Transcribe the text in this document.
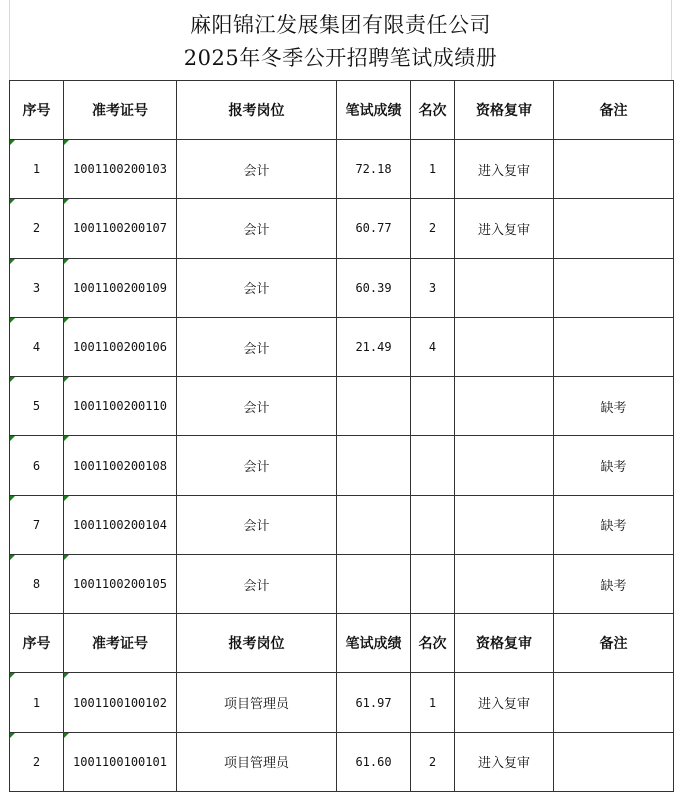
麻阳锦江发展集团有限责任公司
2025年冬季公开招聘笔试成绩册
序号	准考证号	报考岗位	笔试成绩	名次	资格复审	备注
1	1001100200103	会计	72.18	1	进入复审	
2	1001100200107	会计	60.77	2	进入复审	
3	1001100200109	会计	60.39	3		
4	1001100200106	会计	21.49	4		
5	1001100200110	会计				缺考
6	1001100200108	会计				缺考
7	1001100200104	会计				缺考
8	1001100200105	会计				缺考
序号	准考证号	报考岗位	笔试成绩	名次	资格复审	备注
1	1001100100102	项目管理员	61.97	1	进入复审	
2	1001100100101	项目管理员	61.60	2	进入复审	
